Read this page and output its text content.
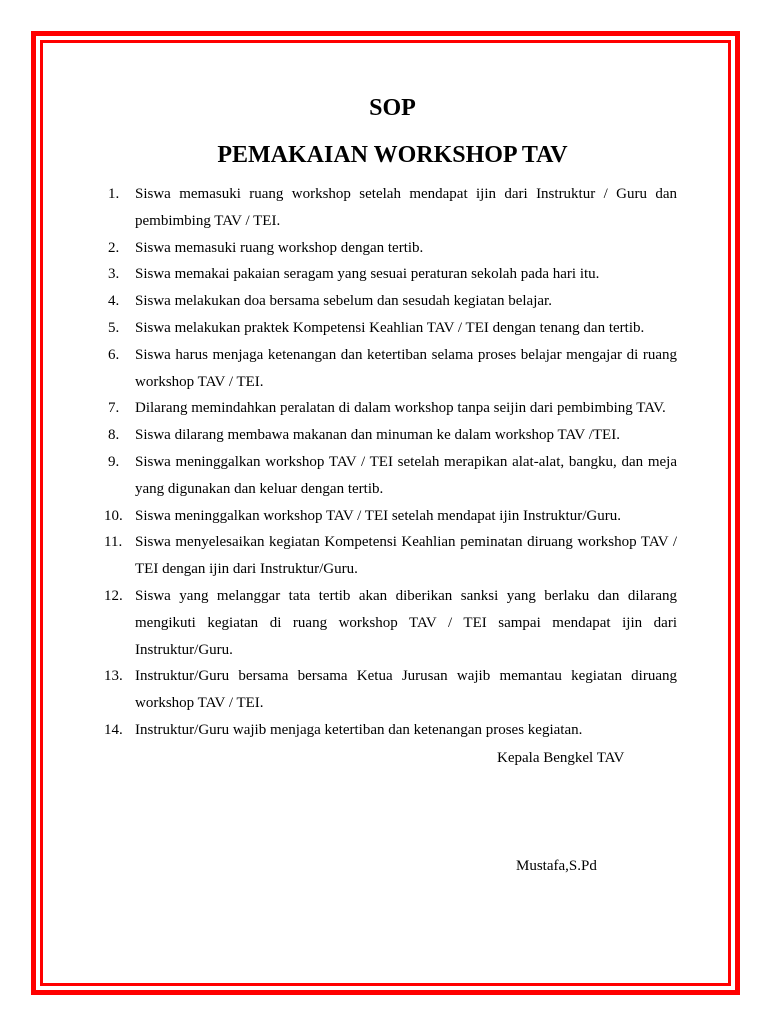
SOP
PEMAKAIAN WORKSHOP TAV
1.	Siswa memasuki ruang workshop setelah mendapat ijin dari Instruktur / Guru dan pembimbing TAV / TEI.
2.	Siswa memasuki ruang workshop dengan tertib.
3.	Siswa memakai pakaian seragam yang sesuai peraturan sekolah pada hari itu.
4.	Siswa melakukan doa bersama sebelum dan sesudah kegiatan belajar.
5.	Siswa melakukan praktek Kompetensi Keahlian TAV / TEI dengan tenang dan tertib.
6.	Siswa harus menjaga ketenangan dan ketertiban selama proses belajar mengajar di ruang workshop TAV / TEI.
7.	Dilarang memindahkan peralatan di dalam workshop tanpa seijin dari pembimbing TAV.
8.	Siswa dilarang membawa makanan dan minuman ke dalam workshop TAV /TEI.
9.	Siswa meninggalkan workshop TAV / TEI setelah merapikan alat-alat, bangku, dan meja yang digunakan dan keluar dengan tertib.
10. Siswa meninggalkan workshop TAV / TEI setelah mendapat ijin Instruktur/Guru.
11. Siswa menyelesaikan kegiatan Kompetensi Keahlian peminatan diruang workshop TAV / TEI dengan ijin dari Instruktur/Guru.
12. Siswa yang melanggar tata tertib akan diberikan sanksi yang berlaku dan dilarang mengikuti kegiatan di ruang workshop TAV / TEI sampai mendapat ijin dari Instruktur/Guru.
13. Instruktur/Guru bersama bersama Ketua Jurusan wajib memantau kegiatan diruang workshop TAV / TEI.
14. Instruktur/Guru wajib menjaga ketertiban dan ketenangan proses kegiatan.
Kepala Bengkel TAV
Mustafa,S.Pd
